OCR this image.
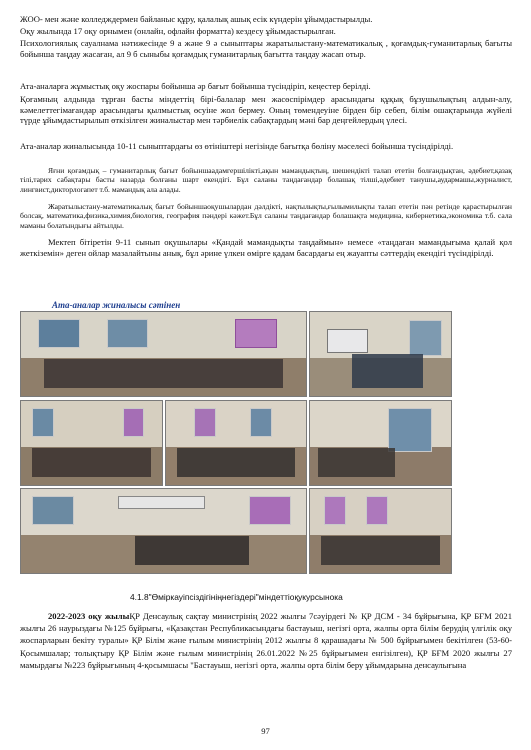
ЖОО- мен және колледждермен байланыс құру, қалалық ашық есік күндерін ұйымдастырылды.

Оқу жылында 17 оқу орнымен (онлайн, офлайн форматта) кездесу ұйымдастырылған.

Психологиялық сауалнама нәтижесінде 9 а және 9 ә сыныптары жаратылыстану-математикалық , қоғамдық-гуманитарлық бағыты бойынша таңдау жасаған, ал 9 б сыныбы қоғамдық гуманитарлық бағытта таңдау жасап отыр.

Ата-аналарға жұмыстық оқу жоспары бойынша әр бағыт бойынша түсіндіріп, кеңестер берілді.

Қоғамның алдында тұрған басты міндеттің бірі-балалар мен жасөспірімдер арасындағы құқық бұзушылықтың алдын-алу, кәмелеттегімағандар арасындағы қылмыстық өсуіне жол бермеу. Оның төмендеуіне бірден бір себеп, білім ошақтарында жүйелі түрде ұйымдастырылып өткізілген жиналыстар мен тәрбиелік сабақтардың мәні бар деңгейлердың үлесі.

Ата-аналар жиналысында 10-11 сыныптардағы өз өтініштері негізінде бағытқа бөліну мәселесі бойынша түсіндірілді.

Яғни қоғамдық – гуманитарлық бағыт бойыншаадамгершілікті,ақын мамандықтың, шешендікті талап ететін болғандықтан, әдебиет,қазақ тілі,тарих сабақтары басты назарда болғаны шарт екендігі. Бұл саланы таңдағандар болашақ тілші,әдебиет танушы,аудармашы,журналист, лингвист,дикторлогапет т.б. мамандық ала алады.

Жаратылыстану-математикалық бағыт бойыншаоқушылардан дәлдікті, нақтылықты,ғылымилықты талап ететін пән ретінде қарастырылған болсақ, математика,физика,химия,биология, география пәндері кәжет.Бұл саланы таңдағандар болашақта медицина, кибернетика,экономика т.б. сала маманы болатындығы айтылды.

Мектеп бітіретін 9-11 сынып оқушылары «Қандай мамандықты таңдаймын» немесе «таңдаған мамандығыма қалай қол жеткіземін» деген ойлар мазалайтыны анық, бұл әрине үлкен өмірге қадам басардағы ең жауапты сәттердің екендігі түсіндірілді.

Ата-аналар жиналысы сәтінен
4.1.8"Өміркауіпсіздігініңнегіздері"міндеттіоқукурсынока

2022-2023 оқу жылыҚР Денсаулық сақтау министрінің 2022 жылғы 7сәуірдегі № ҚР ДСМ - 34 бұйрығына, ҚР БҒМ 2021 жылғы 26 наурыздағы №125 бұйрығы, «Қазақстан Республикасындағы бастауыш, негізгі орта, жалпы орта білім берудің үлгілік оқу жоспарларын бекіту туралы» ҚР Білім және ғылым министрінің 2012 жылғы 8 қарашадағы № 500 бұйрығымен бекітілген (53-60-Қосымшалар; толықтыру ҚР Білім және ғылым министрінің 26.01.2022 №25 бұйрығымен енгізілген), ҚР БҒМ 2020 жылғы 27 мамырдағы №223 бұйрығының 4-қосымшасы "Бастауыш, негізгі орта, жалпы орта білім беру ұйымдарына денсаулығына

97
